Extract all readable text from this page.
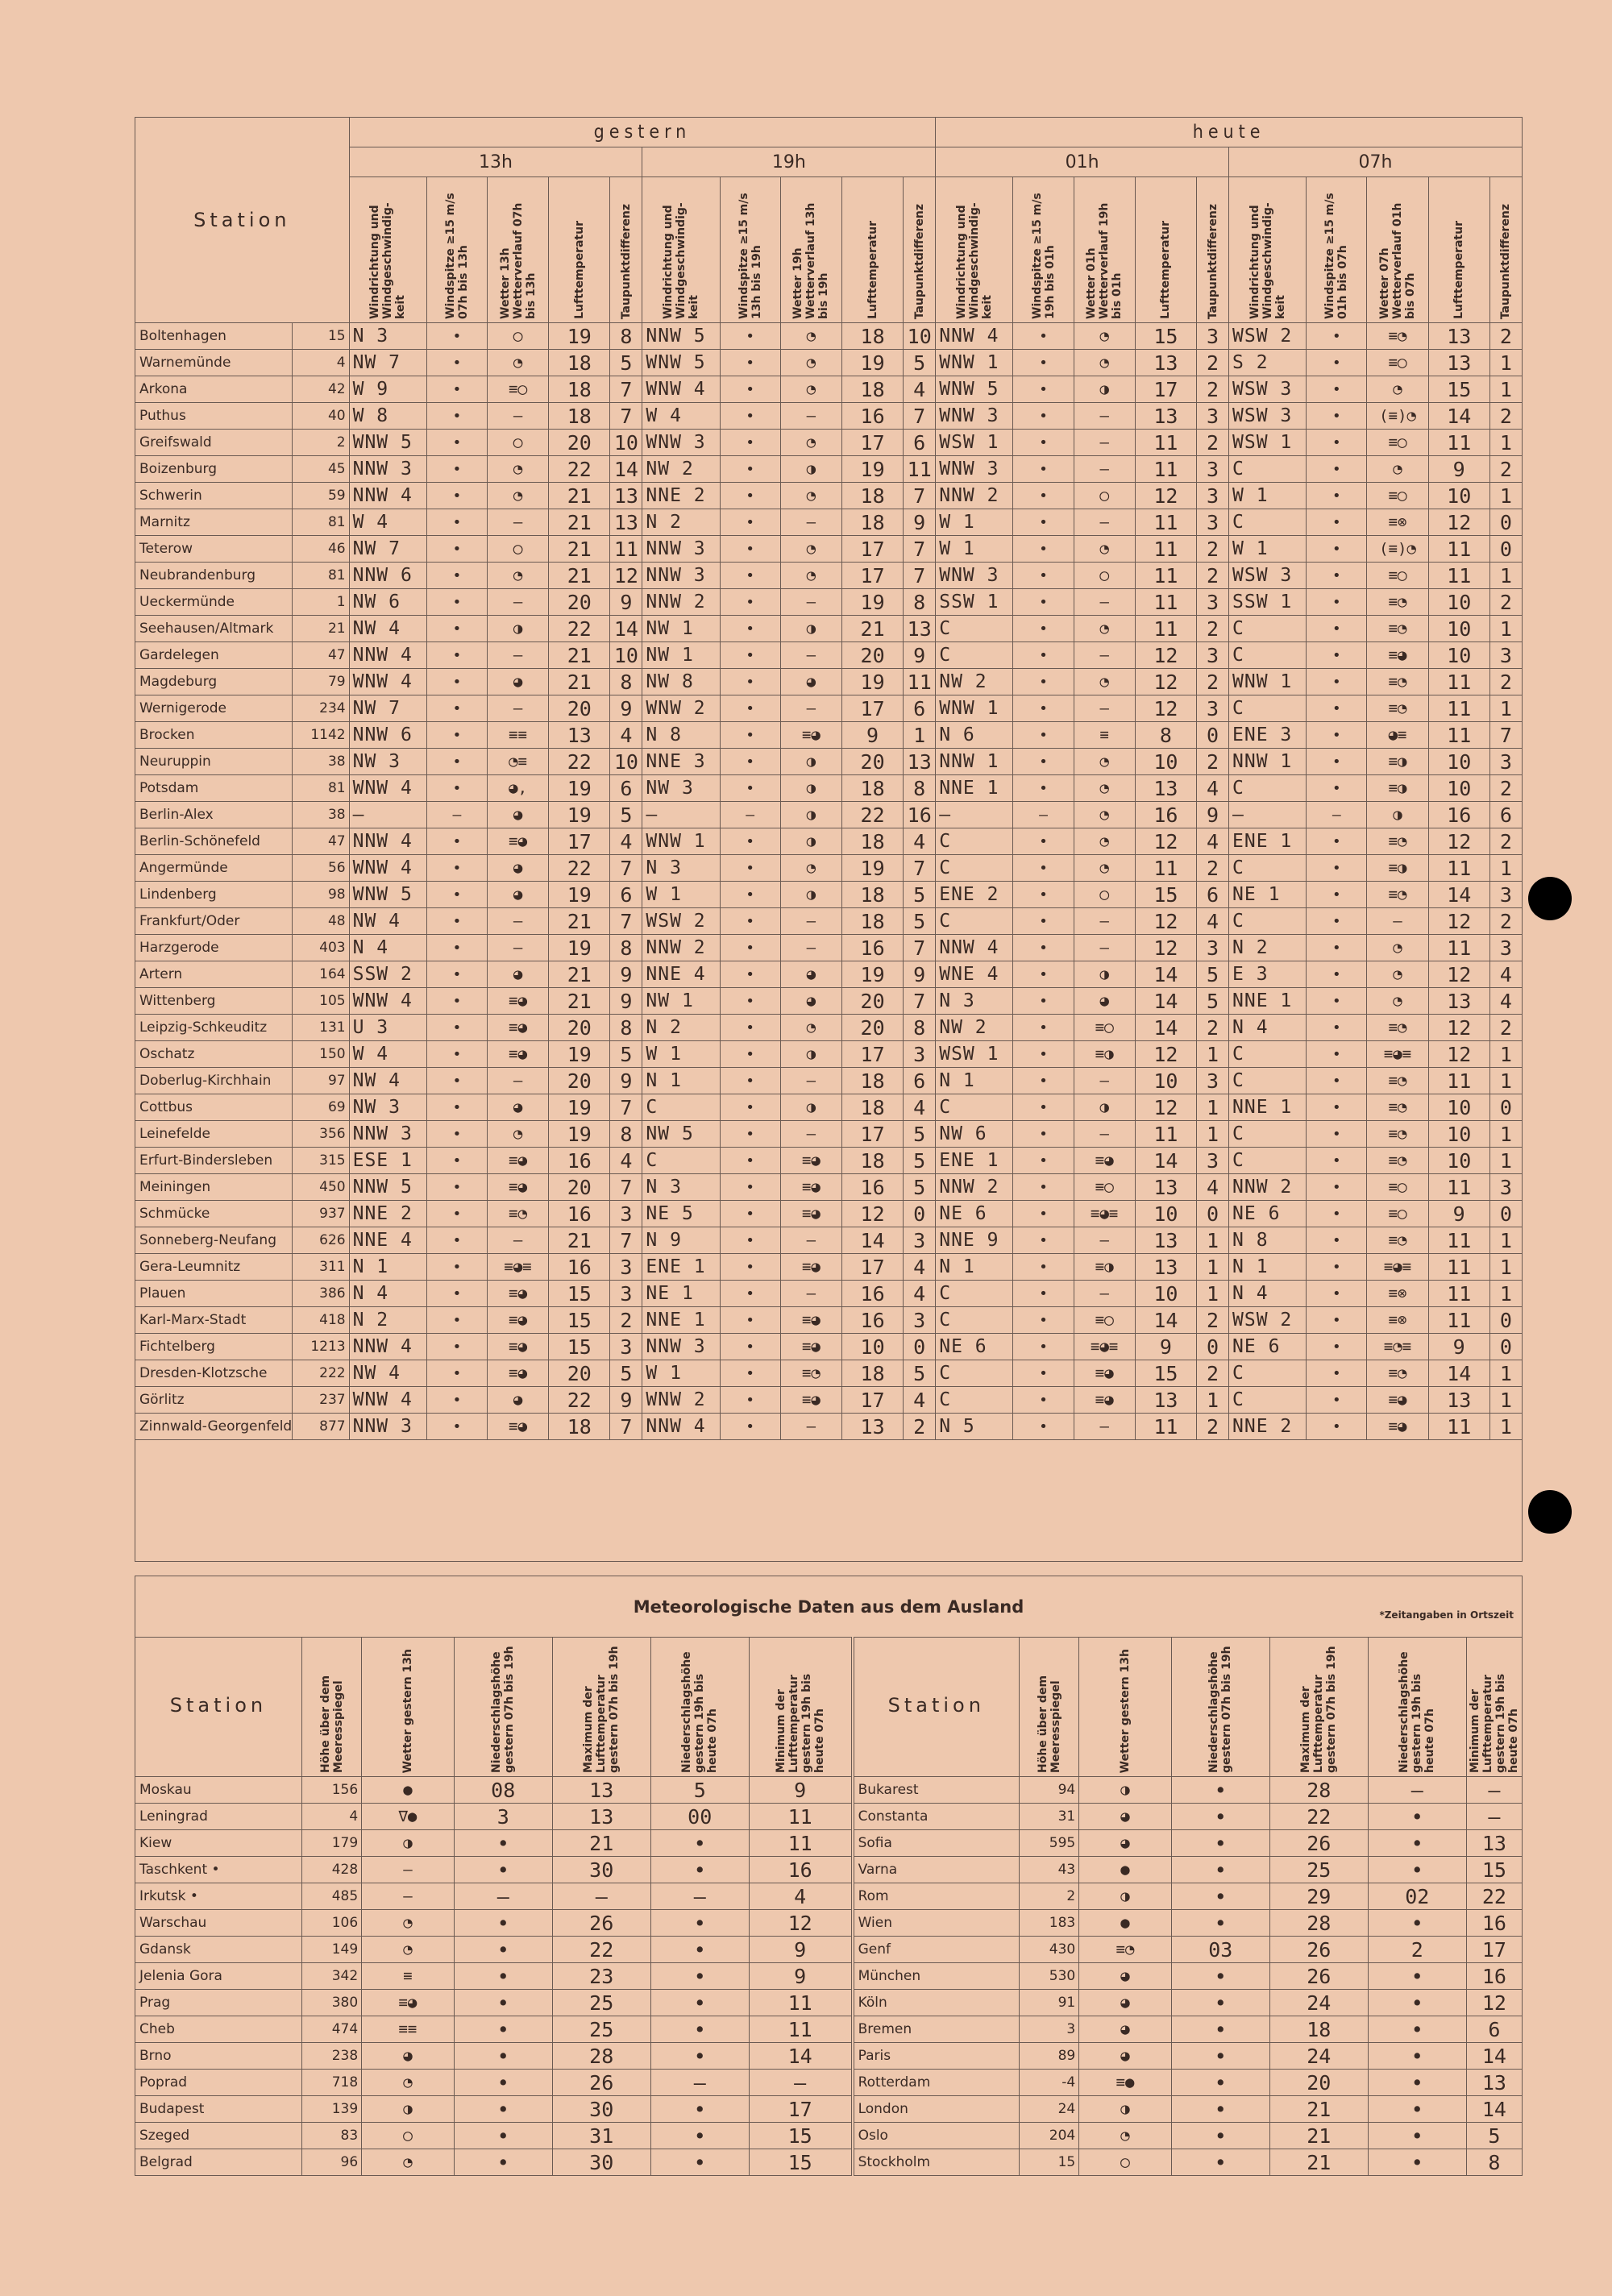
Station		gestern										heute									
		13h					19h					01h					07h				

		Windrichtung und Windgeschwindig-keit	Windspitze ≥15 m/s 07h bis 13h	Wetter 13h Wetterverlauf 07h bis 13h	Lufttemperatur	Taupunktdifferenz	Windrichtung und Windgeschwindig-keit	Windspitze ≥15 m/s 13h bis 19h	Wetter 19h Wetterverlauf 13h bis 19h	Lufttemperatur	Taupunktdifferenz	Windrichtung und Windgeschwindig-keit	Windspitze ≥15 m/s 19h bis 01h	Wetter 01h Wetterverlauf 19h bis 01h	Lufttemperatur	Taupunktdifferenz	Windrichtung und Windgeschwindig-keit	Windspitze ≥15 m/s 01h bis 07h	Wetter 07h Wetterverlauf 01h bis 07h	Lufttemperatur	Taupunktdifferenz

Boltenhagen	15	N 3	•	◯	19	8	NNW 5	•	◔	18	10	NNW 4	•	◔	15	3	WSW 2	•	≡◔	13	2
Warnemünde	4	NW 7	•	◔	18	5	WNW 5	•	◔	19	5	WNW 1	•	◔	13	2	S 2	•	≡◯	13	1
Arkona	42	W 9	•	≡◯	18	7	WNW 4	•	◔	18	4	WNW 5	•	◑	17	2	WSW 3	•	◔	15	1
Puthus	40	W 8	•	–	18	7	W 4	•	–	16	7	WNW 3	•	–	13	3	WSW 3	•	(≡)◔	14	2
Greifswald	2	WNW 5	•	◯	20	10	WNW 3	•	◔	17	6	WSW 1	•	–	11	2	WSW 1	•	≡◯	11	1
Boizenburg	45	NNW 3	•	◔	22	14	NW 2	•	◑	19	11	WNW 3	•	–	11	3	C	•	◔	9	2
Schwerin	59	NNW 4	•	◔	21	13	NNE 2	•	◔	18	7	NNW 2	•	◯	12	3	W 1	•	≡◯	10	1
Marnitz	81	W 4	•	–	21	13	N 2	•	–	18	9	W 1	•	–	11	3	C	•	≡⊗	12	0
Teterow	46	NW 7	•	◯	21	11	NNW 3	•	◔	17	7	W 1	•	◔	11	2	W 1	•	(≡)◔	11	0
Neubrandenburg	81	NNW 6	•	◔	21	12	NNW 3	•	◔	17	7	WNW 3	•	◯	11	2	WSW 3	•	≡◯	11	1
Ueckermünde	1	NW 6	•	–	20	9	NNW 2	•	–	19	8	SSW 1	•	–	11	3	SSW 1	•	≡◔	10	2
Seehausen/Altmark	21	NW 4	•	◑	22	14	NW 1	•	◑	21	13	C	•	◔	11	2	C	•	≡◔	10	1
Gardelegen	47	NNW 4	•	–	21	10	NW 1	•	–	20	9	C	•	–	12	3	C	•	≡◕	10	3
Magdeburg	79	WNW 4	•	◕	21	8	NW 8	•	◕	19	11	NW 2	•	◔	12	2	WNW 1	•	≡◔	11	2
Wernigerode	234	NW 7	•	–	20	9	WNW 2	•	–	17	6	WNW 1	•	–	12	3	C	•	≡◔	11	1
Brocken	1142	NNW 6	•	≡≡	13	4	N 8	•	≡◕	9	1	N 6	•	≡	8	0	ENE 3	•	◕≡	11	7
Neuruppin	38	NW 3	•	◔≡	22	10	NNE 3	•	◑	20	13	NNW 1	•	◔	10	2	NNW 1	•	≡◑	10	3
Potsdam	81	WNW 4	•	◕,	19	6	NW 3	•	◑	18	8	NNE 1	•	◔	13	4	C	•	≡◑	10	2
Berlin-Alex	38	–	–	◕	19	5	–	–	◑	22	16	–	–	◔	16	9	–	–	◑	16	6
Berlin-Schönefeld	47	NNW 4	•	≡◕	17	4	WNW 1	•	◑	18	4	C	•	◔	12	4	ENE 1	•	≡◔	12	2
Angermünde	56	WNW 4	•	◕	22	7	N 3	•	◔	19	7	C	•	◔	11	2	C	•	≡◑	11	1
Lindenberg	98	WNW 5	•	◕	19	6	W 1	•	◑	18	5	ENE 2	•	◯	15	6	NE 1	•	≡◔	14	3
Frankfurt/Oder	48	NW 4	•	–	21	7	WSW 2	•	–	18	5	C	•	–	12	4	C	•	–	12	2
Harzgerode	403	N 4	•	–	19	8	NNW 2	•	–	16	7	NNW 4	•	–	12	3	N 2	•	◔	11	3
Artern	164	SSW 2	•	◕	21	9	NNE 4	•	◕	19	9	WNE 4	•	◑	14	5	E 3	•	◔	12	4
Wittenberg	105	WNW 4	•	≡◕	21	9	NW 1	•	◕	20	7	N 3	•	◕	14	5	NNE 1	•	◔	13	4
Leipzig-Schkeuditz	131	U 3	•	≡◕	20	8	N 2	•	◔	20	8	NW 2	•	≡◯	14	2	N 4	•	≡◔	12	2
Oschatz	150	W 4	•	≡◕	19	5	W 1	•	◑	17	3	WSW 1	•	≡◑	12	1	C	•	≡◕≡	12	1
Doberlug-Kirchhain	97	NW 4	•	–	20	9	N 1	•	–	18	6	N 1	•	–	10	3	C	•	≡◔	11	1
Cottbus	69	NW 3	•	◕	19	7	C	•	◑	18	4	C	•	◑	12	1	NNE 1	•	≡◔	10	0
Leinefelde	356	NNW 3	•	◔	19	8	NW 5	•	–	17	5	NW 6	•	–	11	1	C	•	≡◔	10	1
Erfurt-Bindersleben	315	ESE 1	•	≡◕	16	4	C	•	≡◕	18	5	ENE 1	•	≡◕	14	3	C	•	≡◔	10	1
Meiningen	450	NNW 5	•	≡◕	20	7	N 3	•	≡◕	16	5	NNW 2	•	≡◯	13	4	NNW 2	•	≡◯	11	3
Schmücke	937	NNE 2	•	≡◔	16	3	NE 5	•	≡◕	12	0	NE 6	•	≡◕≡	10	0	NE 6	•	≡◯	9	0
Sonneberg-Neufang	626	NNE 4	•	–	21	7	N 9	•	–	14	3	NNE 9	•	–	13	1	N 8	•	≡◔	11	1
Gera-Leumnitz	311	N 1	•	≡◕≡	16	3	ENE 1	•	≡◕	17	4	N 1	•	≡◑	13	1	N 1	•	≡◕≡	11	1
Plauen	386	N 4	•	≡◕	15	3	NE 1	•	–	16	4	C	•	–	10	1	N 4	•	≡⊗	11	1
Karl-Marx-Stadt	418	N 2	•	≡◕	15	2	NNE 1	•	≡◕	16	3	C	•	≡◯	14	2	WSW 2	•	≡⊗	11	0
Fichtelberg	1213	NNW 4	•	≡◕	15	3	NNW 3	•	≡◕	10	0	NE 6	•	≡◕≡	9	0	NE 6	•	≡◔≡	9	0
Dresden-Klotzsche	222	NW 4	•	≡◕	20	5	W 1	•	≡◔	18	5	C	•	≡◕	15	2	C	•	≡◔	14	1
Görlitz	237	WNW 4	•	◕	22	9	WNW 2	•	≡◕	17	4	C	•	≡◕	13	1	C	•	≡◕	13	1
Zinnwald-Georgenfeld	877	NNW 3	•	≡◕	18	7	NNW 4	•	–	13	2	N 5	•	–	11	2	NNE 2	•	≡◕	11	1

Meteorologische Daten aus dem Ausland *Zeitangaben in Ortszeit													

Station	Höhe über dem Meeresspiegel	Wetter gestern 13h	Niederschlagshöhe gestern 07h bis 19h	Maximum der Lufttemperatur gestern 07h bis 19h	Niederschlagshöhe gestern 19h bis heute 07h	Minimum der Lufttemperatur gestern 19h bis heute 07h	Station	Höhe über dem Meeresspiegel	Wetter gestern 13h	Niederschlagshöhe gestern 07h bis 19h	Maximum der Lufttemperatur gestern 07h bis 19h	Niederschlagshöhe gestern 19h bis heute 07h	Minimum der Lufttemperatur gestern 19h bis heute 07h

Moskau	156	●	08	13	5	9	Bukarest	94	◑	•	28	–	–
Leningrad	4	∇●	3	13	00	11	Constanta	31	◕	•	22	•	–
Kiew	179	◑	•	21	•	11	Sofia	595	◕	•	26	•	13
Taschkent •	428	–	•	30	•	16	Varna	43	●	•	25	•	15
Irkutsk •	485	–	–	–	–	4	Rom	2	◑	•	29	02	22
Warschau	106	◔	•	26	•	12	Wien	183	●	•	28	•	16
Gdansk	149	◔	•	22	•	9	Genf	430	≡◔	03	26	2	17
Jelenia Gora	342	≡	•	23	•	9	München	530	◕	•	26	•	16
Prag	380	≡◕	•	25	•	11	Köln	91	◕	•	24	•	12
Cheb	474	≡≡	•	25	•	11	Bremen	3	◕	•	18	•	6
Brno	238	◕	•	28	•	14	Paris	89	◕	•	24	•	14
Poprad	718	◔	•	26	–	–	Rotterdam	-4	≡●	•	20	•	13
Budapest	139	◑	•	30	•	17	London	24	◑	•	21	•	14
Szeged	83	◯	•	31	•	15	Oslo	204	◔	•	21	•	5
Belgrad	96	◔	•	30	•	15	Stockholm	15	◯	•	21	•	8
